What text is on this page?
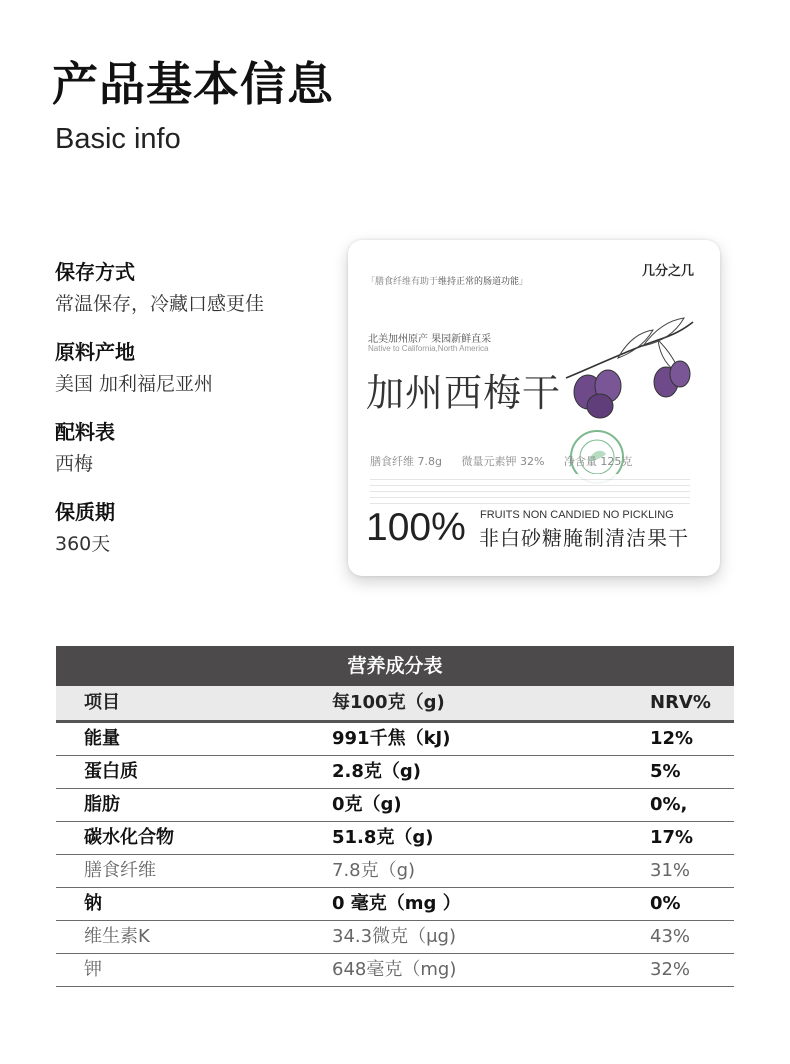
产品基本信息
Basic info
保存方式
常温保存，冷藏口感更佳
原料产地
美国 加利福尼亚州
配料表
西梅
保质期
360天
「膳食纤维有助于维持正常的肠道功能」
几分之几
北美加州原产 果园新鲜直采
Native to California,North America
加州西梅干
膳食纤维 7.8g 微量元素钾 32% 净含量 125克
100% FRUITS NON CANDIED NO PICKLING
非白砂糖腌制清洁果干
营养成分表
项目	每100克（g)	NRV%
能量	991千焦（kJ)	12%
蛋白质	2.8克（g)	5%
脂肪	0克（g)	0%,
碳水化合物	51.8克（g)	17%
膳食纤维	7.8克（g)	31%
钠	0 毫克（mg ）	0%
维生素K	34.3微克（μg)	43%
钾	648毫克（mg)	32%
